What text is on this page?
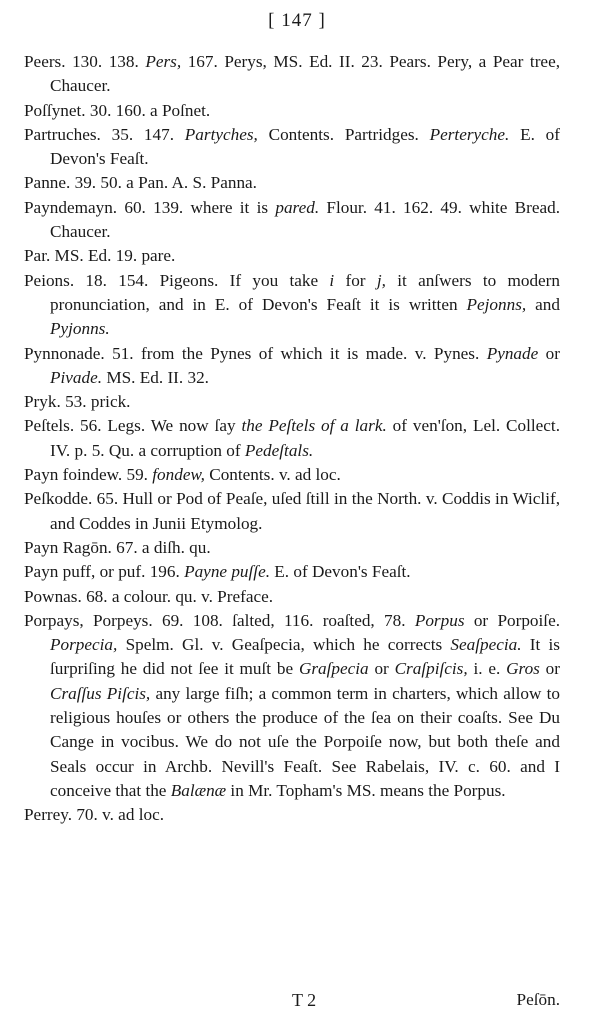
[ 147 ]

Peers. 130. 138. Pers, 167. Perys, MS. Ed. II. 23. Pears. Pery, a Pear tree, Chaucer.

Poſſynet. 30. 160. a Poſnet.

Partruches. 35. 147. Partyches, Contents. Partridges. Perteryche. E. of Devon's Feaſt.

Panne. 39. 50. a Pan. A. S. Panna.

Payndemayn. 60. 139. where it is pared. Flour. 41. 162. 49. white Bread. Chaucer.

Par. MS. Ed. 19. pare.

Peions. 18. 154. Pigeons. If you take i for j, it anſwers to modern pronunciation, and in E. of Devon's Feaſt it is written Pejonns, and Pyjonns.

Pynnonade. 51. from the Pynes of which it is made. v. Pynes. Pynade or Pivade. MS. Ed. II. 32.

Pryk. 53. prick.

Peſtels. 56. Legs. We now ſay the Peſtels of a lark. of ven'ſon, Lel. Collect. IV. p. 5. Qu. a corruption of Pedeſtals.

Payn foindew. 59. fondew, Contents. v. ad loc.

Peſkodde. 65. Hull or Pod of Peaſe, uſed ſtill in the North. v. Coddis in Wiclif, and Coddes in Junii Etymolog.

Payn Ragōn. 67. a diſh. qu.

Payn puff, or puf. 196. Payne puſſe. E. of Devon's Feaſt.

Pownas. 68. a colour. qu. v. Preface.

Porpays, Porpeys. 69. 108. ſalted, 116. roaſted, 78. Porpus or Porpoiſe. Porpecia, Spelm. Gl. v. Geaſpecia, which he corrects Seaſpecia. It is ſurpriſing he did not ſee it muſt be Graſpecia or Craſpiſcis, i. e. Gros or Craſſus Piſcis, any large fiſh; a common term in charters, which allow to religious houſes or others the produce of the ſea on their coaſts. See Du Cange in vocibus. We do not uſe the Porpoiſe now, but both theſe and Seals occur in Archb. Nevill's Feaſt. See Rabelais, IV. c. 60. and I conceive that the Balænæ in Mr. Topham's MS. means the Porpus.

Perrey. 70. v. ad loc.

T 2	Peſōn.
